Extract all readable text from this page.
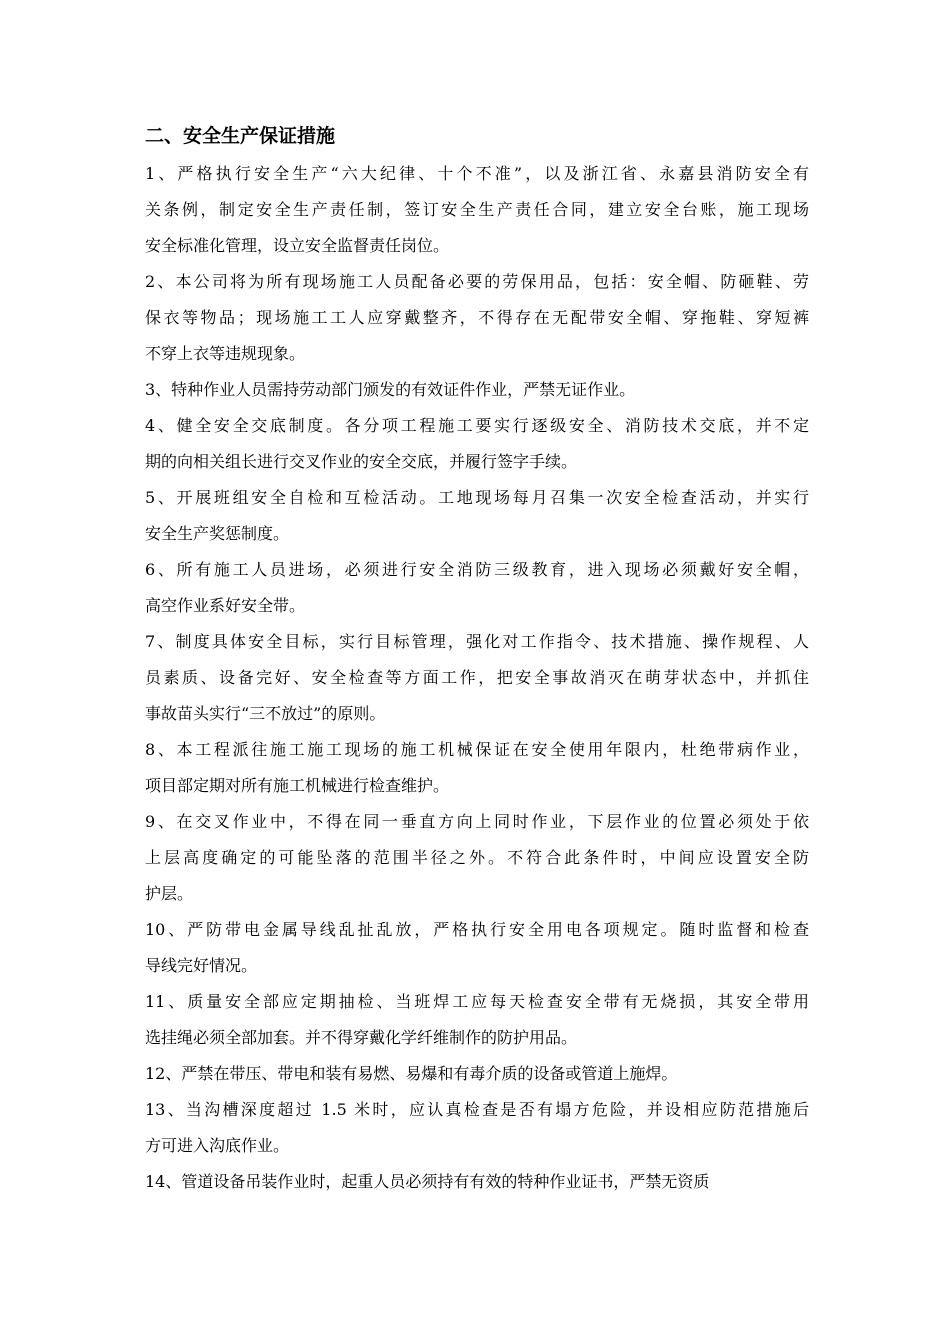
二、安全生产保证措施
1、严格执行安全生产“六大纪律、十个不准”，以及浙江省、永嘉县消防安全有
关条例，制定安全生产责任制，签订安全生产责任合同，建立安全台账，施工现场
安全标准化管理，设立安全监督责任岗位。
2、本公司将为所有现场施工人员配备必要的劳保用品，包括：安全帽、防砸鞋、劳
保衣等物品；现场施工工人应穿戴整齐，不得存在无配带安全帽、穿拖鞋、穿短裤
不穿上衣等违规现象。
3、特种作业人员需持劳动部门颁发的有效证件作业，严禁无证作业。
4、健全安全交底制度。各分项工程施工要实行逐级安全、消防技术交底，并不定
期的向相关组长进行交叉作业的安全交底，并履行签字手续。
5、开展班组安全自检和互检活动。工地现场每月召集一次安全检查活动，并实行
安全生产奖惩制度。
6、所有施工人员进场，必须进行安全消防三级教育，进入现场必须戴好安全帽，
高空作业系好安全带。
7、制度具体安全目标，实行目标管理，强化对工作指令、技术措施、操作规程、人
员素质、设备完好、安全检查等方面工作，把安全事故消灭在萌芽状态中，并抓住
事故苗头实行“三不放过”的原则。
8、本工程派往施工施工现场的施工机械保证在安全使用年限内，杜绝带病作业，
项目部定期对所有施工机械进行检查维护。
9、在交叉作业中，不得在同一垂直方向上同时作业，下层作业的位置必须处于依
上层高度确定的可能坠落的范围半径之外。不符合此条件时，中间应设置安全防
护层。
10、严防带电金属导线乱扯乱放，严格执行安全用电各项规定。随时监督和检查
导线完好情况。
11、质量安全部应定期抽检、当班焊工应每天检查安全带有无烧损，其安全带用
选挂绳必须全部加套。并不得穿戴化学纤维制作的防护用品。
12、严禁在带压、带电和装有易燃、易爆和有毒介质的设备或管道上施焊。
13、当沟槽深度超过 1.5 米时，应认真检查是否有塌方危险，并设相应防范措施后
方可进入沟底作业。
14、管道设备吊装作业时，起重人员必须持有有效的特种作业证书，严禁无资质
